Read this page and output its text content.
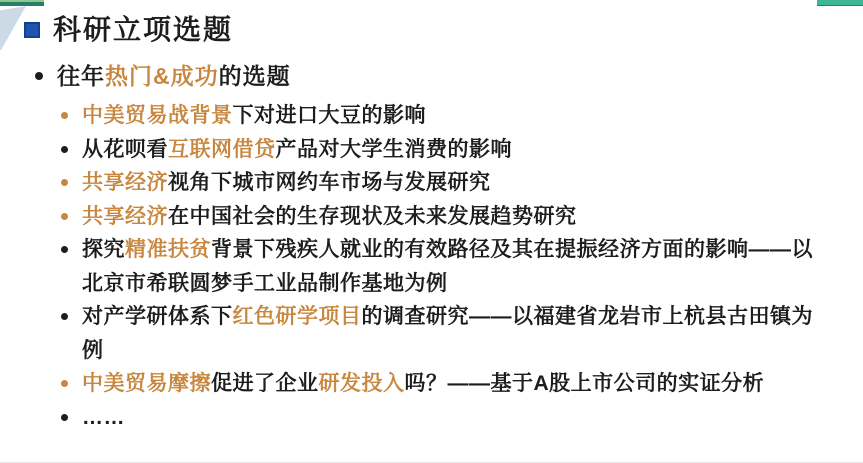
科研立项选题
往年热门&成功的选题
中美贸易战背景下对进口大豆的影响
从花呗看互联网借贷产品对大学生消费的影响
共享经济视角下城市网约车市场与发展研究
共享经济在中国社会的生存现状及未来发展趋势研究
探究精准扶贫背景下残疾人就业的有效路径及其在提振经济方面的影响——以北京市希联圆梦手工业品制作基地为例
对产学研体系下红色研学项目的调查研究——以福建省龙岩市上杭县古田镇为例
中美贸易摩擦促进了企业研发投入吗？——基于A股上市公司的实证分析
……
